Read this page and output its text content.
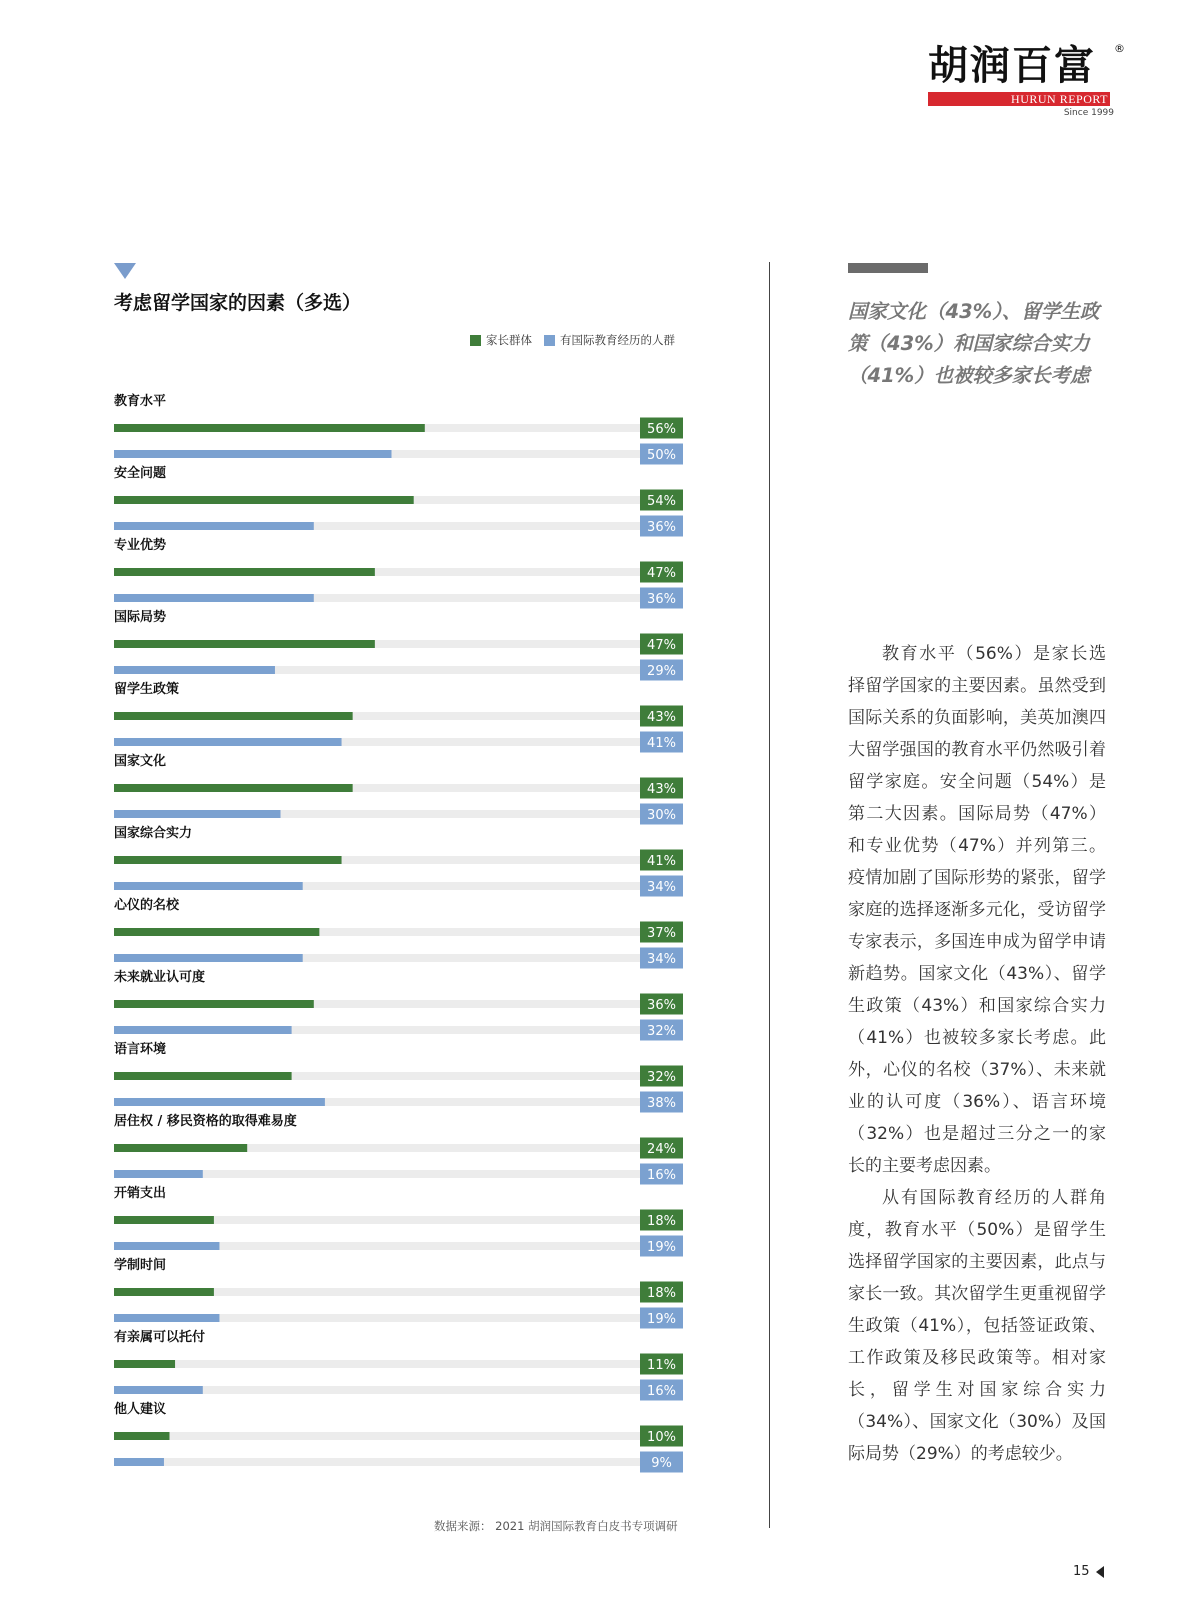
胡润百富 ®
HURUN REPORT
Since 1999
考虑留学国家的因素（多选）
家长群体 有国际教育经历的人群
教育水平
56%
50%
安全问题
54%
36%
专业优势
47%
36%
国际局势
47%
29%
留学生政策
43%
41%
国家文化
43%
30%
国家综合实力
41%
34%
心仪的名校
37%
34%
未来就业认可度
36%
32%
语言环境
32%
38%
居住权 / 移民资格的取得难易度
24%
16%
开销支出
18%
19%
学制时间
18%
19%
有亲属可以托付
11%
16%
他人建议
10%
9%
数据来源： 2021 胡润国际教育白皮书专项调研
国家文化（43%）、留学生政策（43%）和国家综合实力（41%）也被较多家长考虑

教育水平（56%）是家长选择留学国家的主要因素。虽然受到国际关系的负面影响，美英加澳四大留学强国的教育水平仍然吸引着留学家庭。安全问题（54%）是第二大因素。国际局势（47%）和专业优势（47%）并列第三。疫情加剧了国际形势的紧张，留学家庭的选择逐渐多元化，受访留学专家表示，多国连申成为留学申请新趋势。国家文化（43%）、留学生政策（43%）和国家综合实力（41%）也被较多家长考虑。此外，心仪的名校（37%）、未来就业的认可度（36%）、语言环境（32%）也是超过三分之一的家长的主要考虑因素。

从有国际教育经历的人群角度，教育水平（50%）是留学生选择留学国家的主要因素，此点与家长一致。其次留学生更重视留学生政策（41%），包括签证政策、工作政策及移民政策等。相对家长，留学生对国家综合实力（34%）、国家文化（30%）及国际局势（29%）的考虑较少。

15
